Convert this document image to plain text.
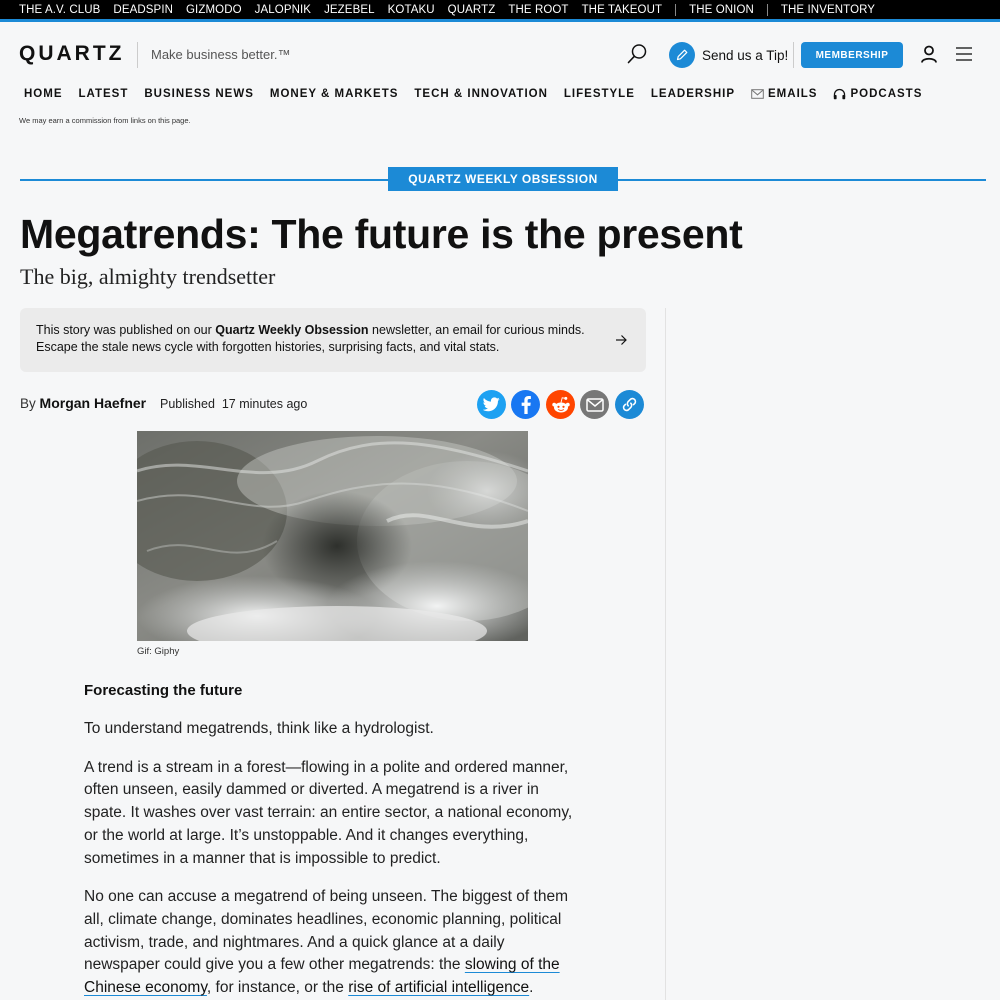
THE A.V. CLUB DEADSPIN GIZMODO JALOPNIK JEZEBEL KOTAKU QUARTZ THE ROOT THE TAKEOUT THE ONION THE INVENTORY
QUARTZ Make business better.™	Send us a Tip!	MEMBERSHIP
HOME LATEST BUSINESS NEWS MONEY & MARKETS TECH & INNOVATION LIFESTYLE LEADERSHIP	EMAILS	PODCASTS
We may earn a commission from links on this page.
QUARTZ WEEKLY OBSESSION
Megatrends: The future is the present
The big, almighty trendsetter
This story was published on our Quartz Weekly Obsession newsletter, an email for curious minds.
Escape the stale news cycle with forgotten histories, surprising facts, and vital stats.
By Morgan Haefner Published 17 minutes ago
Gif: Giphy
Forecasting the future

To understand megatrends, think like a hydrologist.

A trend is a stream in a forest—flowing in a polite and ordered manner, often unseen, easily dammed or diverted. A megatrend is a river in spate. It washes over vast terrain: an entire sector, a national economy, or the world at large. It’s unstoppable. And it changes everything, sometimes in a manner that is impossible to predict.

No one can accuse a megatrend of being unseen. The biggest of them all, climate change, dominates headlines, economic planning, political activism, trade, and nightmares. And a quick glance at a daily newspaper could give you a few other megatrends: the slowing of the Chinese economy, for instance, or the rise of artificial intelligence.
